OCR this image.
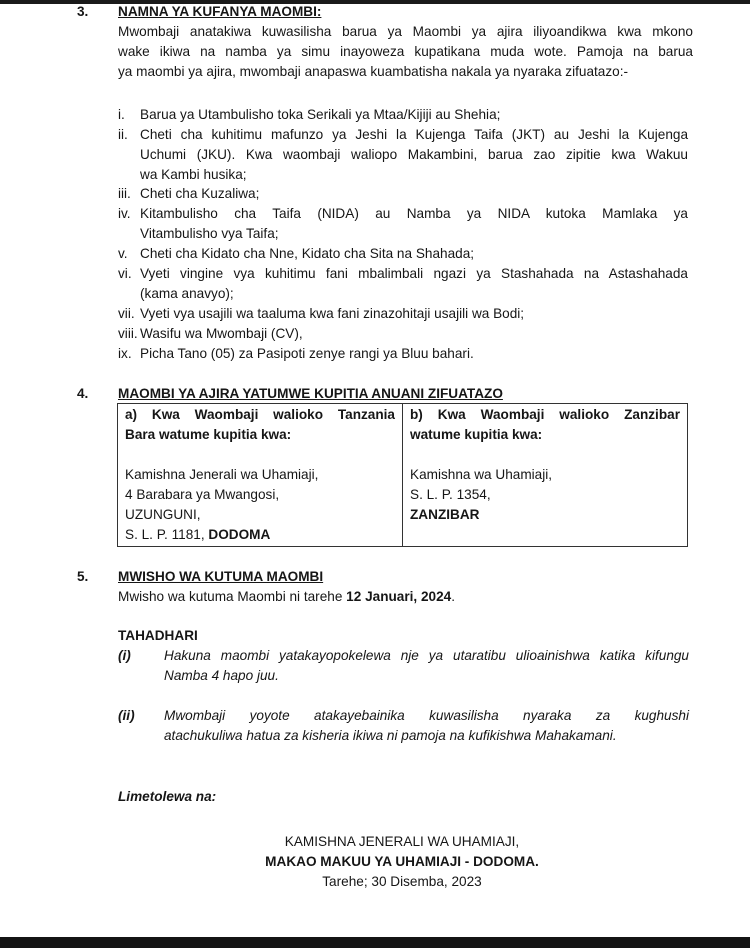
3. NAMNA YA KUFANYA MAOMBI:
Mwombaji anatakiwa kuwasilisha barua ya Maombi ya ajira iliyoandikwa kwa mkono
wake ikiwa na namba ya simu inayoweza kupatikana muda wote. Pamoja na barua
ya maombi ya ajira, mwombaji anapaswa kuambatisha nakala ya nyaraka zifuatazo:-
i. Barua ya Utambulisho toka Serikali ya Mtaa/Kijiji au Shehia;
ii. Cheti cha kuhitimu mafunzo ya Jeshi la Kujenga Taifa (JKT) au Jeshi la Kujenga
Uchumi (JKU). Kwa waombaji waliopo Makambini, barua zao zipitie kwa Wakuu
wa Kambi husika;
iii. Cheti cha Kuzaliwa;
iv. Kitambulisho cha Taifa (NIDA) au Namba ya NIDA kutoka Mamlaka ya
Vitambulisho vya Taifa;
v. Cheti cha Kidato cha Nne, Kidato cha Sita na Shahada;
vi. Vyeti vingine vya kuhitimu fani mbalimbali ngazi ya Stashahada na Astashahada
(kama anavyo);
vii. Vyeti vya usajili wa taaluma kwa fani zinazohitaji usajili wa Bodi;
viii. Wasifu wa Mwombaji (CV),
ix. Picha Tano (05) za Pasipoti zenye rangi ya Bluu bahari.
4. MAOMBI YA AJIRA YATUMWE KUPITIA ANUANI ZIFUATAZO
a) Kwa Waombaji walioko Tanzania
Bara watume kupitia kwa:
Kamishna Jenerali wa Uhamiaji,
4 Barabara ya Mwangosi,
UZUNGUNI,
S. L. P. 1181, DODOMA

b) Kwa Waombaji walioko Zanzibar
watume kupitia kwa:
Kamishna wa Uhamiaji,
S. L. P. 1354,
ZANZIBAR
5. MWISHO WA KUTUMA MAOMBI
Mwisho wa kutuma Maombi ni tarehe 12 Januari, 2024.
TAHADHARI
(i) Hakuna maombi yatakayopokelewa nje ya utaratibu ulioainishwa katika kifungu
Namba 4 hapo juu.
(ii) Mwombaji yoyote atakayebainika kuwasilisha nyaraka za kughushi
atachukuliwa hatua za kisheria ikiwa ni pamoja na kufikishwa Mahakamani.
Limetolewa na:
KAMISHNA JENERALI WA UHAMIAJI,
MAKAO MAKUU YA UHAMIAJI - DODOMA.
Tarehe; 30 Disemba, 2023
